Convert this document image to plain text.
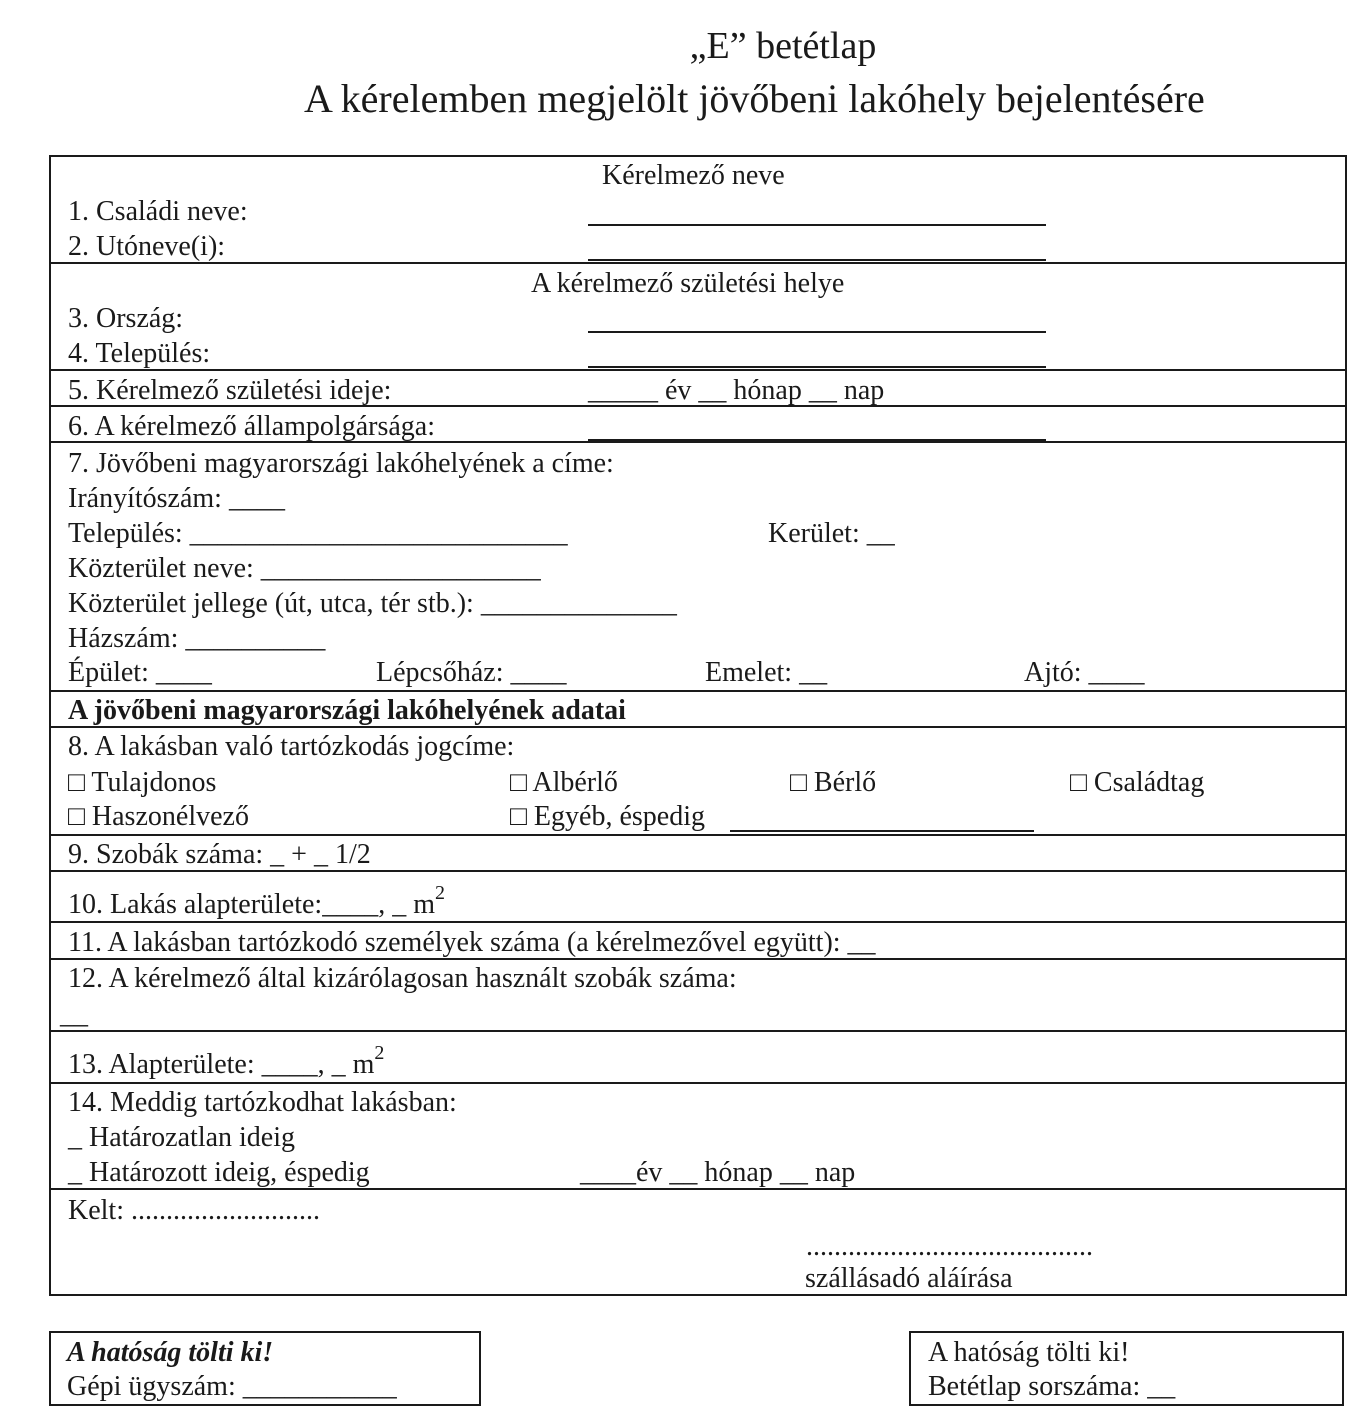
„E” betétlap
A kérelemben megjelölt jövőbeni lakóhely bejelentésére
Kérelmező neve
1. Családi neve:
2. Utóneve(i):
A kérelmező születési helye
3. Ország:
4. Település:
5. Kérelmező születési ideje:	_____ év __ hónap __ nap
6. A kérelmező állampolgársága:
7. Jövőbeni magyarországi lakóhelyének a címe:
Irányítószám: ____
Település: ___________________________	Kerület: __
Közterület neve: ____________________
Közterület jellege (út, utca, tér stb.): ______________
Házszám: __________
Épület: ____	Lépcsőház: ____	Emelet: __	Ajtó: ____
A jövőbeni magyarországi lakóhelyének adatai
8. A lakásban való tartózkodás jogcíme:
□ Tulajdonos	□ Albérlő	□ Bérlő	□ Családtag
□ Haszonélvező	□ Egyéb, éspedig
9. Szobák száma: _ + _ 1/2
10. Lakás alapterülete:____, _ $m^2$
11. A lakásban tartózkodó személyek száma (a kérelmezővel együtt): __
12. A kérelmező által kizárólagosan használt szobák száma:
__
13. Alapterülete: ____, _ $m^2$
14. Meddig tartózkodhat lakásban:
_ Határozatlan ideig
_ Határozott ideig, éspedig	____év __ hónap __ nap
Kelt: ...........................
.........................................
szállásadó aláírása
A hatóság tölti ki!
Gépi ügyszám: ___________
A hatóság tölti ki!
Betétlap sorszáma: __
